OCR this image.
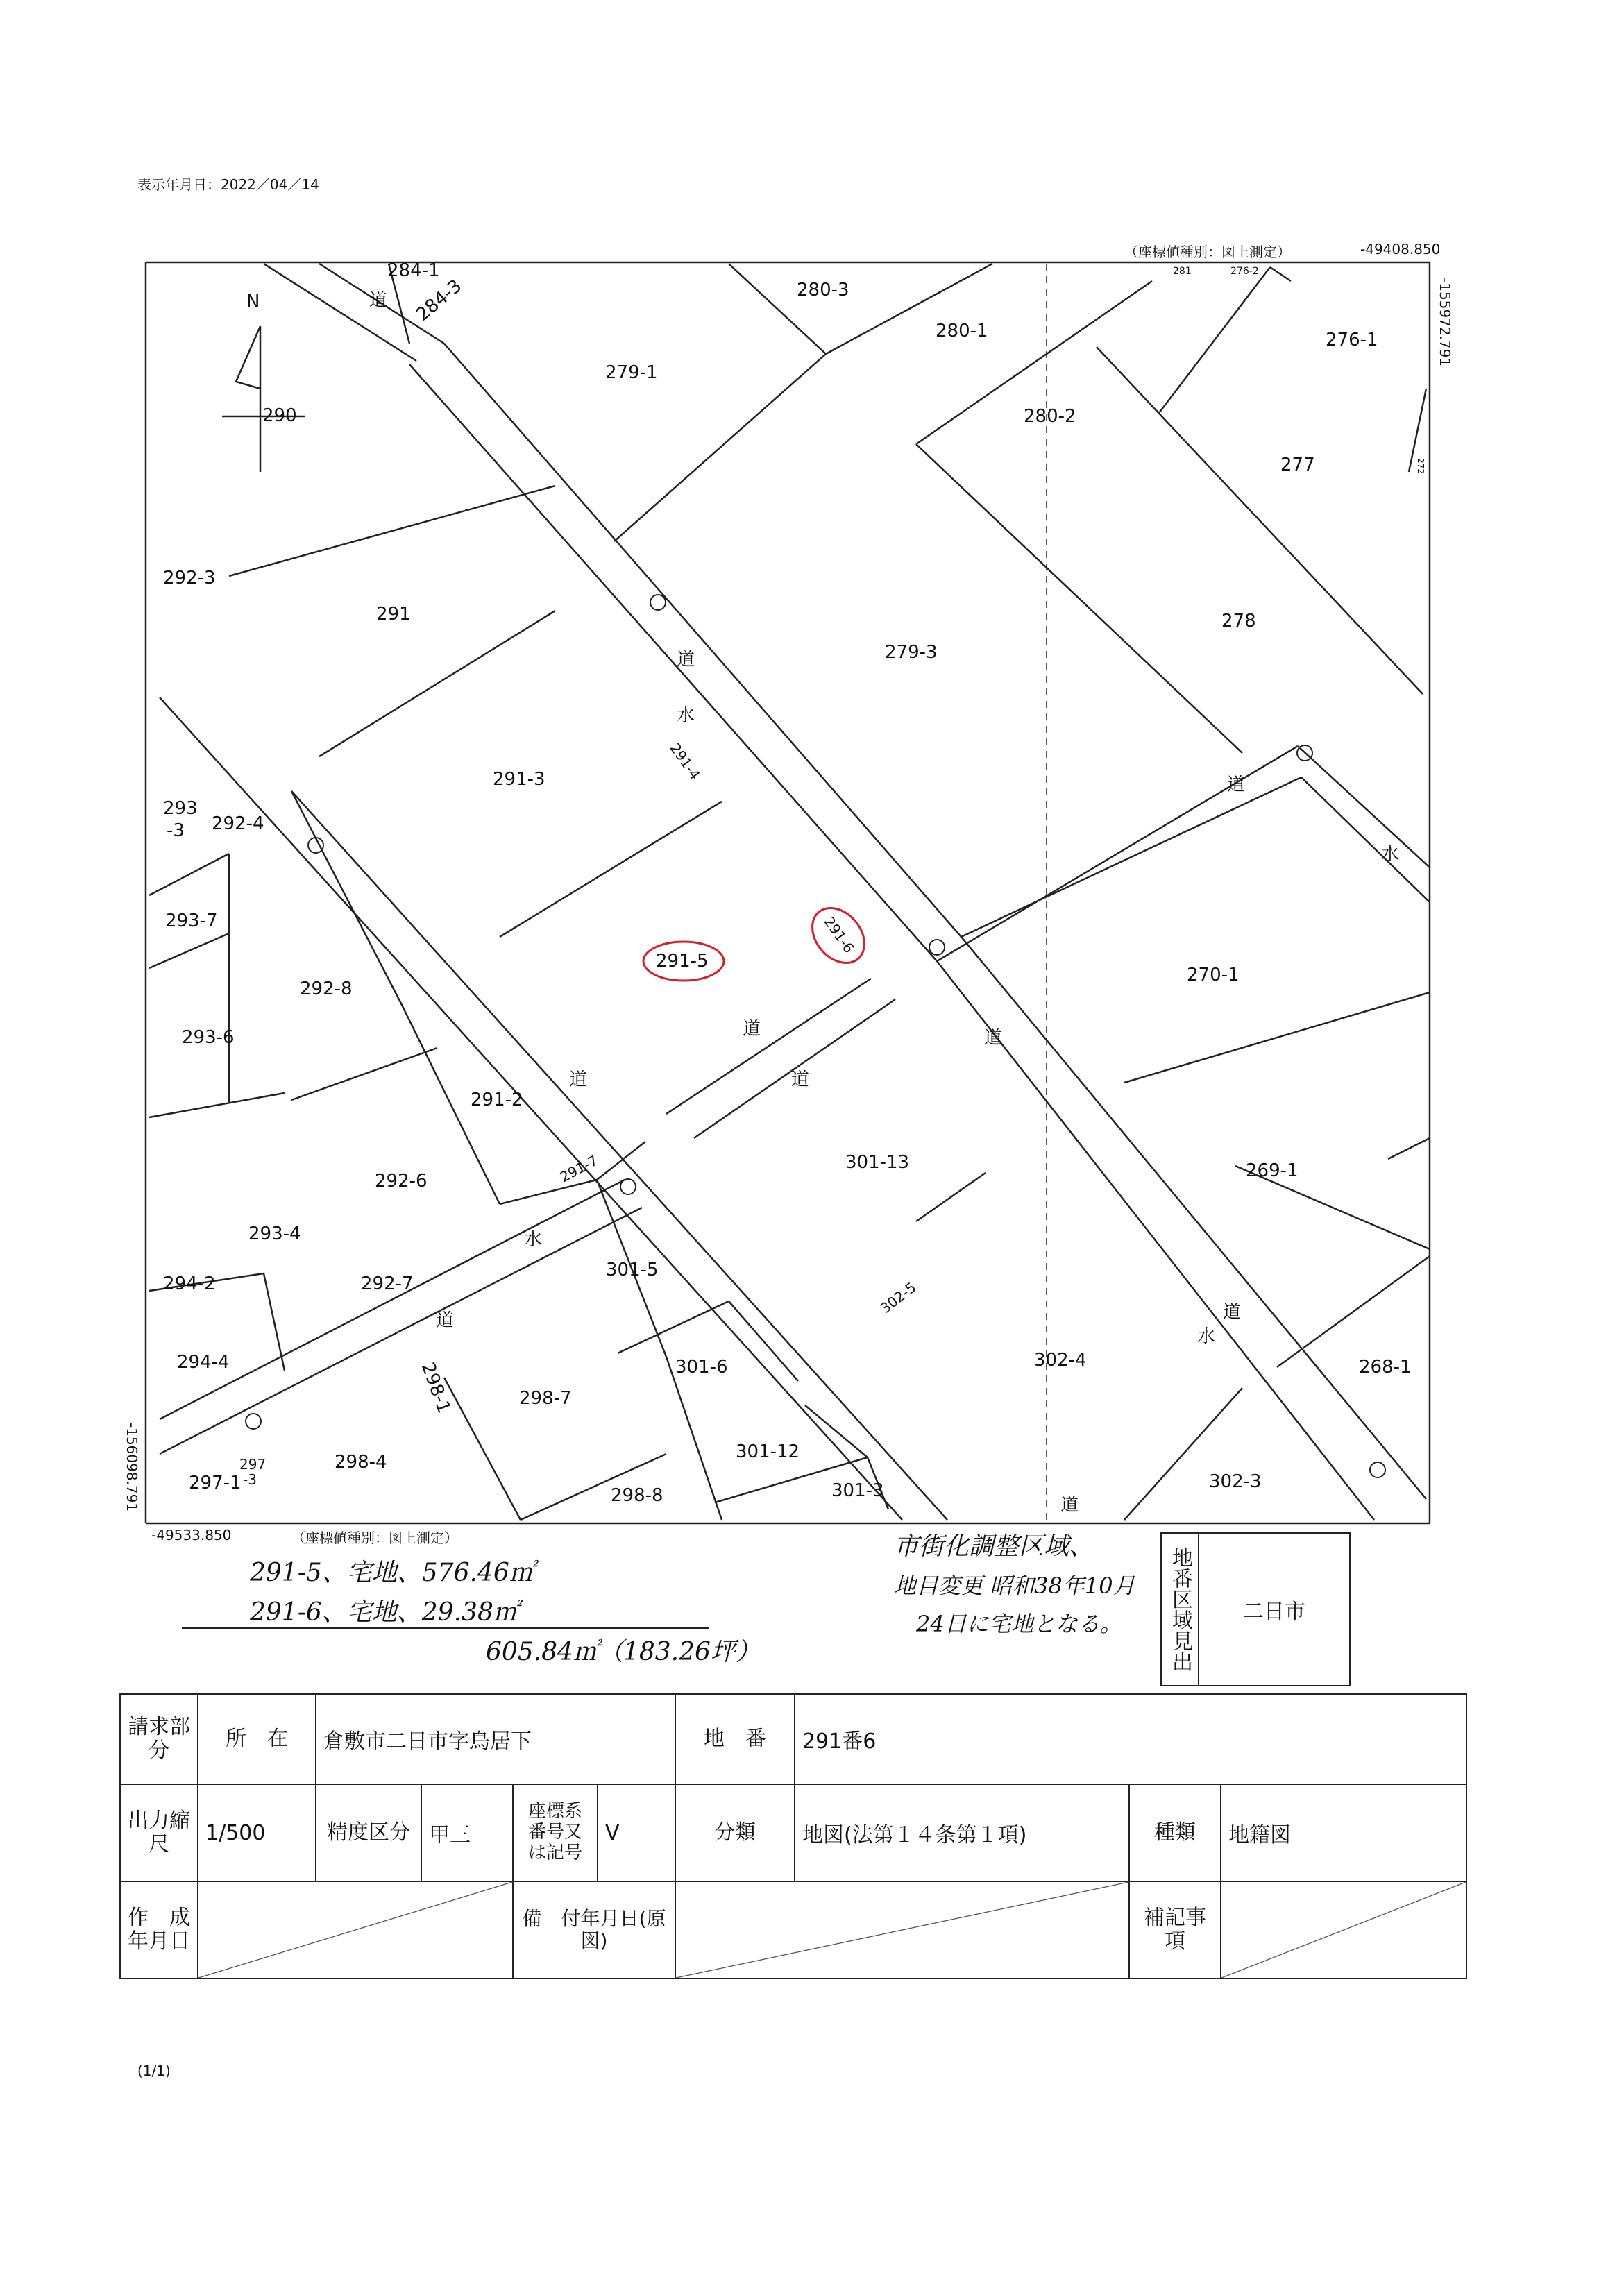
表示年月日：2022／04／14
（座標値種別：図上測定）	-49408.850
-155972.791
-156098.791
-49533.850	（座標値種別：図上測定）
N
284-1
284-3	280-3
280-1	276-1
281	276-2
279-1
280-2
290
277	272
292-3
291	278
279-3
291-3	291-4
293
-3 292-4
293-7
291-5
291-6
270-1
292-8
293-6
291-2
301-13	269-1
292-6	291-7
293-4
301-5
294-2	292-7	302-5
302-4	268-1
294-4	301-6
298-1	298-7
301-12
297-1
297
-3
298-4
298-8	301-3	302-3
道
道
水
道
水
道
道
道
道
水
道	道
水
道
291-5、宅地、576.46㎡
291-6、宅地、29.38㎡
605.84㎡（183.26坪）
市街化調整区域、
地目変更 昭和38年10月
24日に宅地となる。	地番区域見出	二日市
請求部分	所　在	倉敷市二日市字鳥居下				地　番	291番6		
出力縮尺	1/500	精度区分	甲三	座標系番号又は記号	V	分類	地図(法第１４条第１項)	種類	地籍図
作　成年月日				備　付年月日(原図)				補記事項	
(1/1)
